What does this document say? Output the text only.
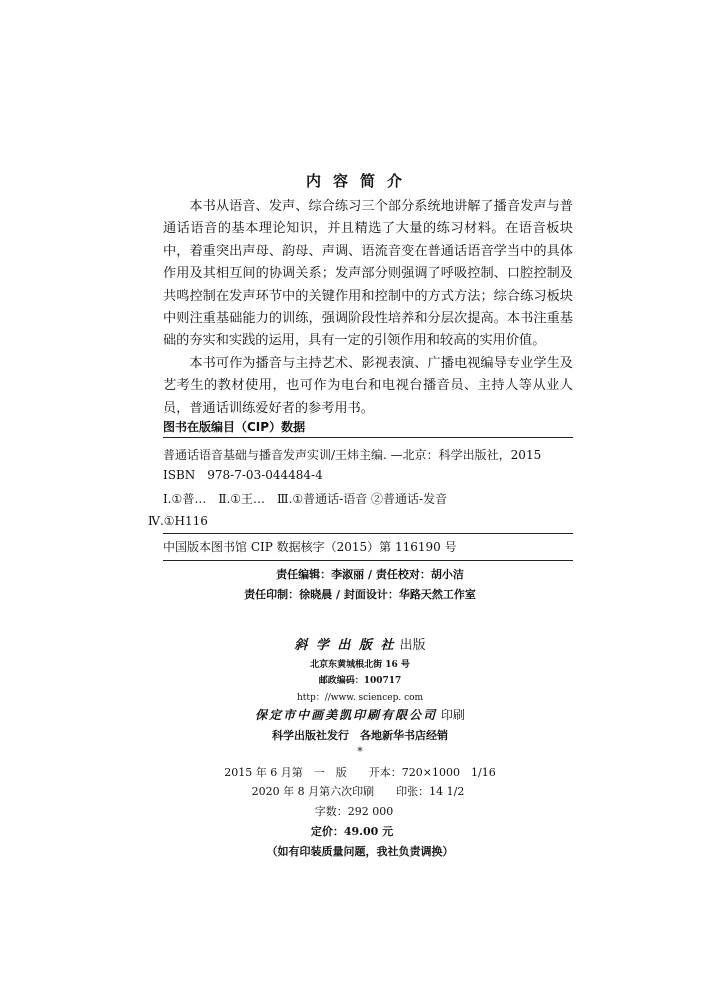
内容简介

本书从语音、发声、综合练习三个部分系统地讲解了播音发声与普通话语音的基本理论知识，并且精选了大量的练习材料。在语音板块中，着重突出声母、韵母、声调、语流音变在普通话语音学当中的具体作用及其相互间的协调关系；发声部分则强调了呼吸控制、口腔控制及共鸣控制在发声环节中的关键作用和控制中的方式方法；综合练习板块中则注重基础能力的训练，强调阶段性培养和分层次提高。本书注重基础的夯实和实践的运用，具有一定的引领作用和较高的实用价值。

本书可作为播音与主持艺术、影视表演、广播电视编导专业学生及艺考生的教材使用，也可作为电台和电视台播音员、主持人等从业人员，普通话训练爱好者的参考用书。

图书在版编目（CIP）数据
普通话语音基础与播音发声实训/王炜主编. —北京：科学出版社，2015
ISBN　978-7-03-044484-4
Ⅰ.①普…　Ⅱ.①王…　Ⅲ.①普通话-语音 ②普通话-发音
Ⅳ.①H116
中国版本图书馆 CIP 数据核字（2015）第 116190 号
责任编辑：李淑丽 / 责任校对：胡小洁
责任印制：徐晓晨 / 封面设计：华路天然工作室
斜 学 出 版 社 出版
北京东黄城根北街 16 号
邮政编码：100717
http：//www. sciencep. com
保定市中画美凯印刷有限公司 印刷
科学出版社发行　各地新华书店经销
*
2015 年 6 月第　一　版　　开本：720×1000　1/16
2020 年 8 月第六次印刷　　印张：14 1/2
字数：292 000
定价：49.00 元
（如有印装质量问题，我社负责调换）
